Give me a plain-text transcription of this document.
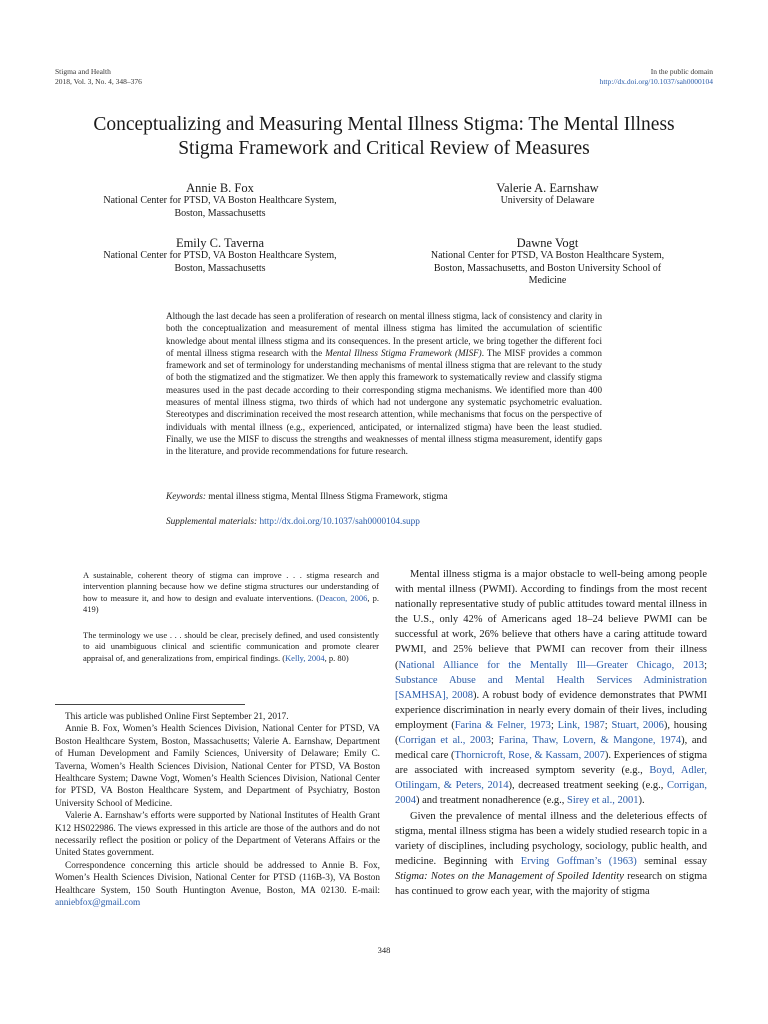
Stigma and Health
2018, Vol. 3, No. 4, 348–376
In the public domain
http://dx.doi.org/10.1037/sah0000104
Conceptualizing and Measuring Mental Illness Stigma: The Mental Illness
Stigma Framework and Critical Review of Measures
Annie B. Fox
National Center for PTSD, VA Boston Healthcare System,
Boston, Massachusetts
Valerie A. Earnshaw
University of Delaware
Emily C. Taverna
National Center for PTSD, VA Boston Healthcare System,
Boston, Massachusetts
Dawne Vogt
National Center for PTSD, VA Boston Healthcare System,
Boston, Massachusetts, and Boston University School of
Medicine
Although the last decade has seen a proliferation of research on mental illness stigma, lack of consistency and clarity in both the conceptualization and measurement of mental illness stigma has limited the accumulation of scientific knowledge about mental illness stigma and its consequences. In the present article, we bring together the different foci of mental illness stigma research with the Mental Illness Stigma Framework (MISF). The MISF provides a common framework and set of terminology for understanding mechanisms of mental illness stigma that are relevant to the study of both the stigmatized and the stigmatizer. We then apply this framework to systematically review and classify stigma measures used in the past decade according to their corresponding stigma mechanisms. We identified more than 400 measures of mental illness stigma, two thirds of which had not undergone any systematic psychometric evaluation. Stereotypes and discrimination received the most research attention, while mechanisms that focus on the perspective of individuals with mental illness (e.g., experienced, anticipated, or internalized stigma) have been the least studied. Finally, we use the MISF to discuss the strengths and weaknesses of mental illness stigma measurement, identify gaps in the literature, and provide recommendations for future research.
Keywords: mental illness stigma, Mental Illness Stigma Framework, stigma
Supplemental materials: http://dx.doi.org/10.1037/sah0000104.supp
A sustainable, coherent theory of stigma can improve . . . stigma research and intervention planning because how we define stigma structures our understanding of how to measure it, and how to design and evaluate interventions. (Deacon, 2006, p. 419)
The terminology we use . . . should be clear, precisely defined, and used consistently to aid unambiguous clinical and scientific communication and promote clearer appraisal of, and generalizations from, empirical findings. (Kelly, 2004, p. 80)

This article was published Online First September 21, 2017.

Annie B. Fox, Women’s Health Sciences Division, National Center for PTSD, VA Boston Healthcare System, Boston, Massachusetts; Valerie A. Earnshaw, Department of Human Development and Family Sciences, University of Delaware; Emily C. Taverna, Women’s Health Sciences Division, National Center for PTSD, VA Boston Healthcare System; Dawne Vogt, Women’s Health Sciences Division, National Center for PTSD, VA Boston Healthcare System, and Department of Psychiatry, Boston University School of Medicine.

Valerie A. Earnshaw’s efforts were supported by National Institutes of Health Grant K12 HS022986. The views expressed in this article are those of the authors and do not necessarily reflect the position or policy of the Department of Veterans Affairs or the United States government.

Correspondence concerning this article should be addressed to Annie B. Fox, Women’s Health Sciences Division, National Center for PTSD (116B-3), VA Boston Healthcare System, 150 South Huntington Avenue, Boston, MA 02130. E-mail: anniebfox@gmail.com

Mental illness stigma is a major obstacle to well-being among people with mental illness (PWMI). According to findings from the most recent nationally representative study of public attitudes toward mental illness in the U.S., only 42% of Americans aged 18–24 believe PWMI can be successful at work, 26% believe that others have a caring attitude toward PWMI, and 25% believe that PWMI can recover from their illness (National Alliance for the Mentally Ill—Greater Chicago, 2013; Substance Abuse and Mental Health Services Administration [SAMHSA], 2008). A robust body of evidence demonstrates that PWMI experience discrimination in nearly every domain of their lives, including employment (Farina & Felner, 1973; Link, 1987; Stuart, 2006), housing (Corrigan et al., 2003; Farina, Thaw, Lovern, & Mangone, 1974), and medical care (Thornicroft, Rose, & Kassam, 2007). Experiences of stigma are associated with increased symptom severity (e.g., Boyd, Adler, Otilingam, & Peters, 2014), decreased treatment seeking (e.g., Corrigan, 2004) and treatment nonadherence (e.g., Sirey et al., 2001).

Given the prevalence of mental illness and the deleterious effects of stigma, mental illness stigma has been a widely studied research topic in a variety of disciplines, including psychology, sociology, public health, and medicine. Beginning with Erving Goffman’s (1963) seminal essay Stigma: Notes on the Management of Spoiled Identity research on stigma has continued to grow each year, with the majority of stigma

348
